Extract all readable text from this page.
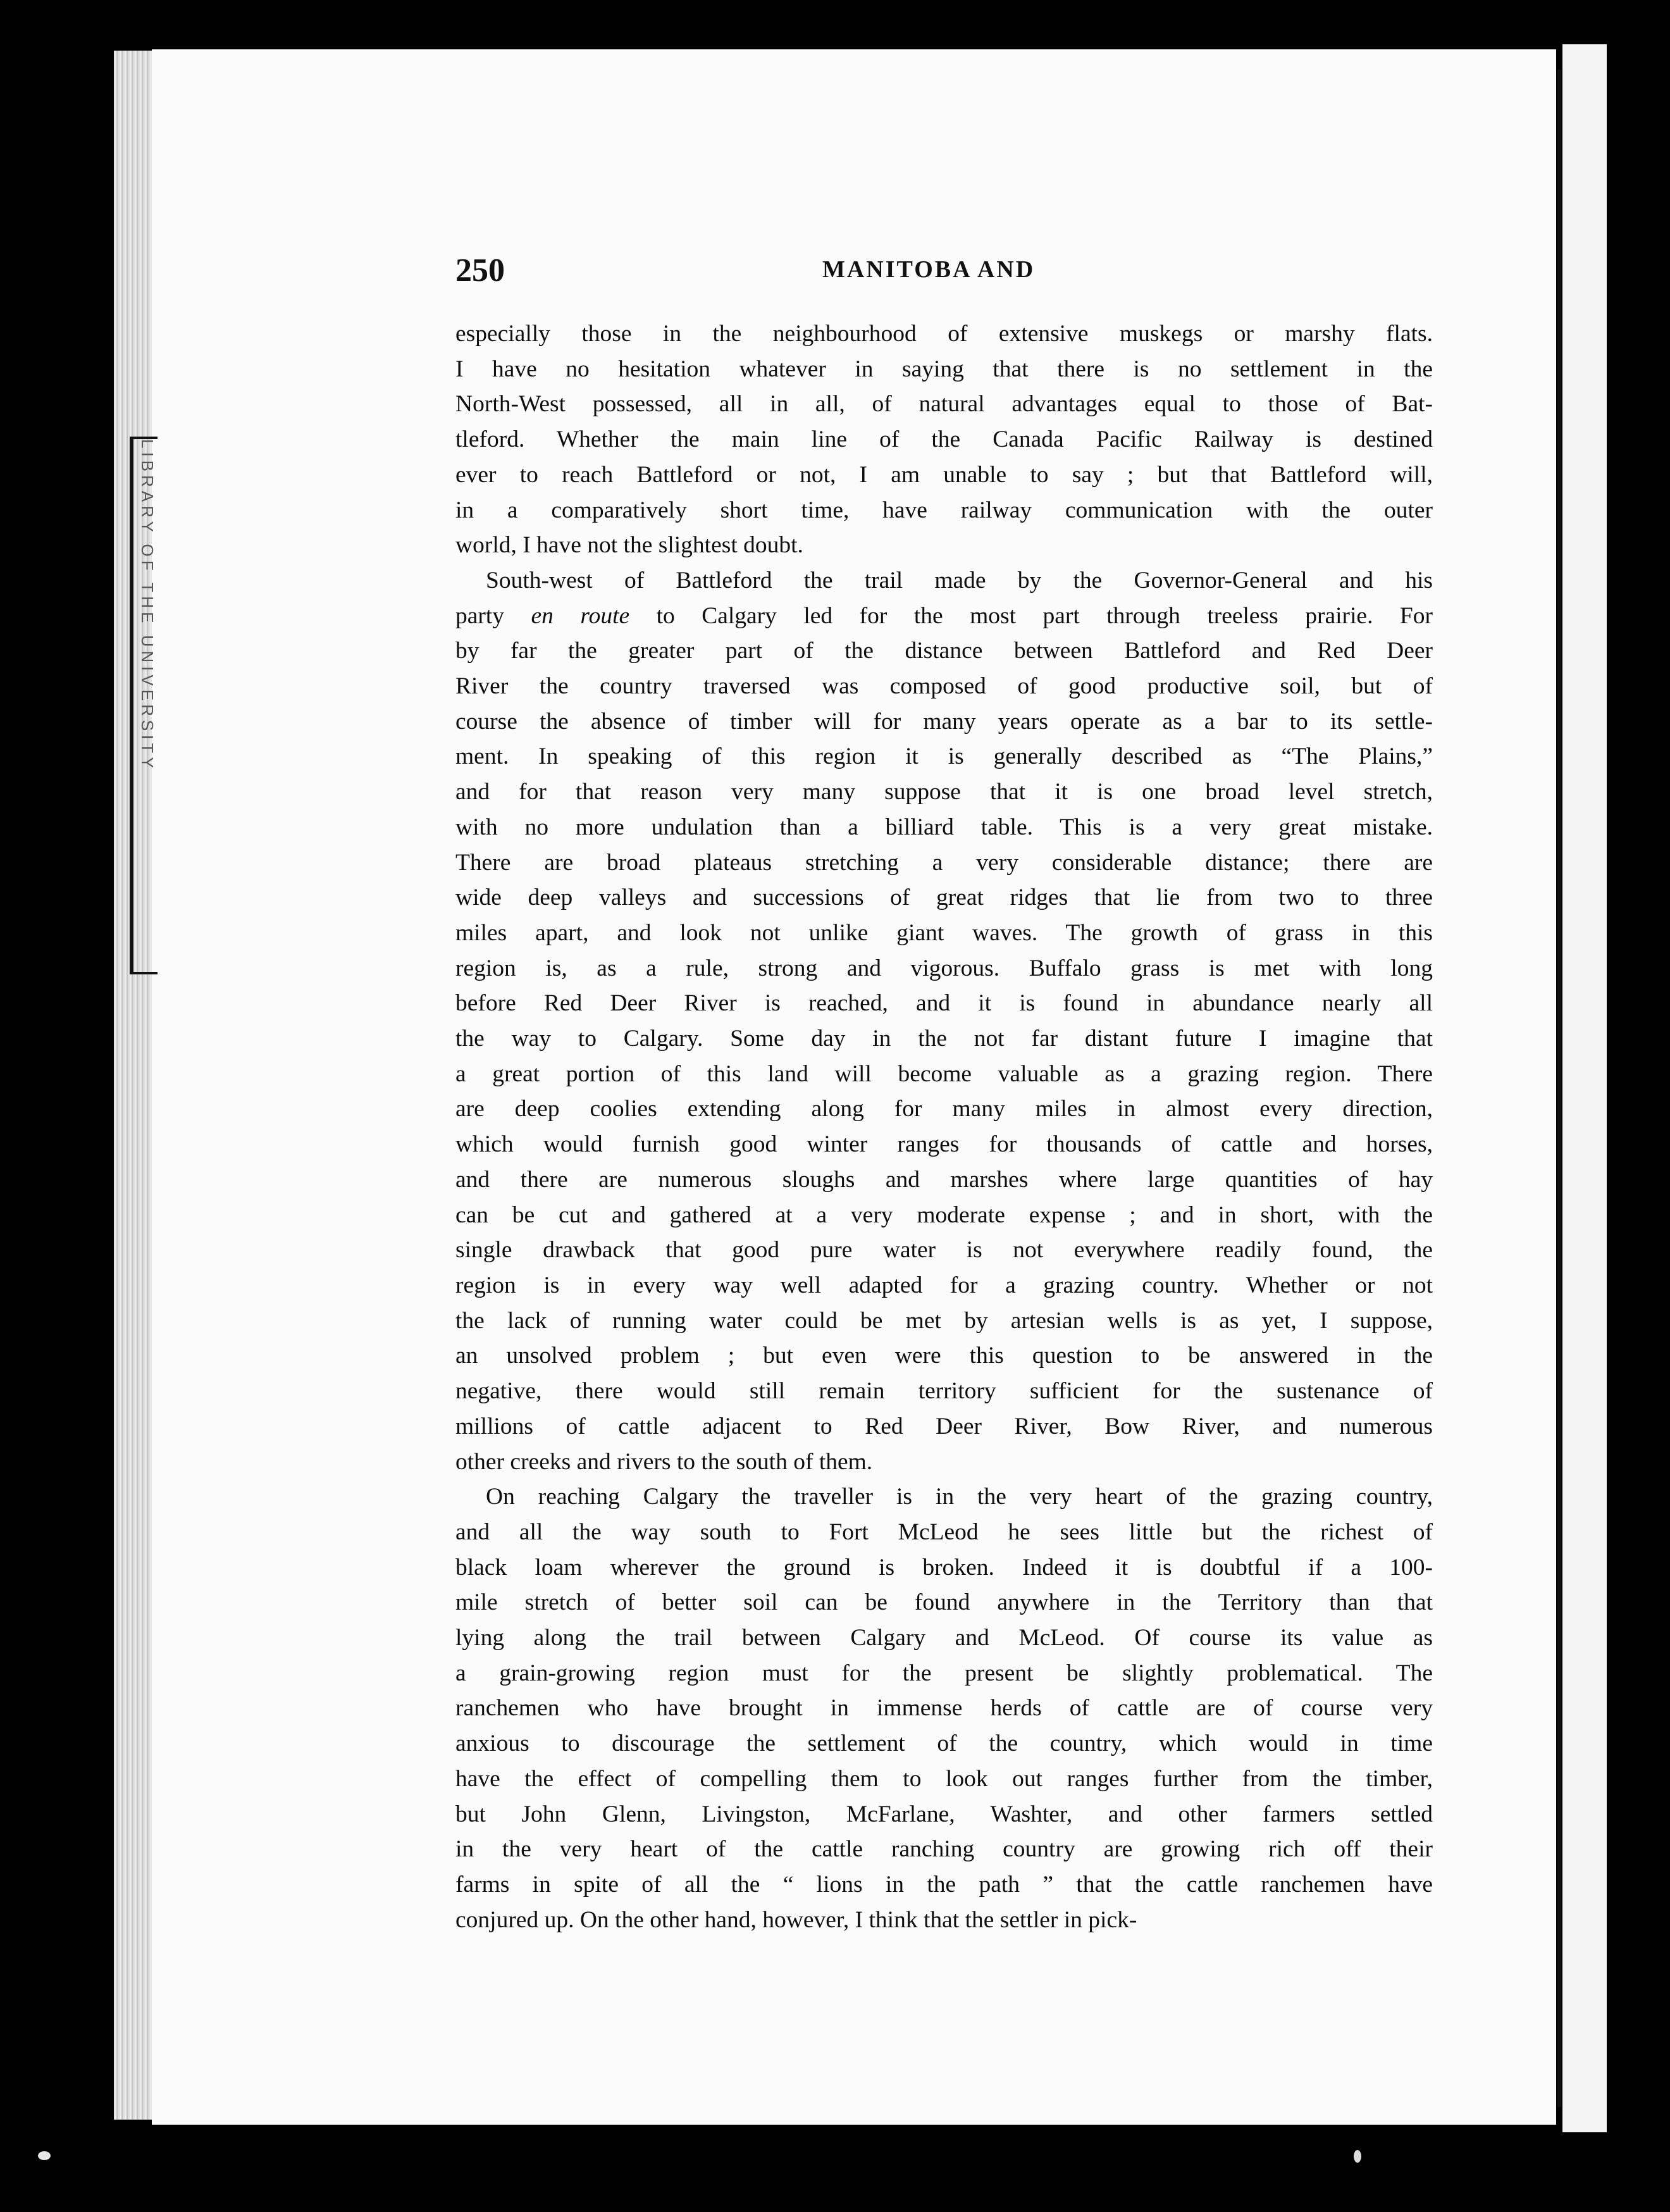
LIBRARY OF THE UNIVERSITY
250	MANITOBA AND

especially those in the neighbourhood of extensive muskegs or marshy flats.
I have no hesitation whatever in saying that there is no settlement in the
North-West possessed, all in all, of natural advantages equal to those of Bat-
tleford. Whether the main line of the Canada Pacific Railway is destined
ever to reach Battleford or not, I am unable to say ; but that Battleford will,
in a comparatively short time, have railway communication with the outer
world, I have not the slightest doubt.

South-west of Battleford the trail made by the Governor-General and his
party en route to Calgary led for the most part through treeless prairie. For
by far the greater part of the distance between Battleford and Red Deer
River the country traversed was composed of good productive soil, but of
course the absence of timber will for many years operate as a bar to its settle-
ment. In speaking of this region it is generally described as “The Plains,”
and for that reason very many suppose that it is one broad level stretch,
with no more undulation than a billiard table. This is a very great mistake.
There are broad plateaus stretching a very considerable distance; there are
wide deep valleys and successions of great ridges that lie from two to three
miles apart, and look not unlike giant waves. The growth of grass in this
region is, as a rule, strong and vigorous. Buffalo grass is met with long
before Red Deer River is reached, and it is found in abundance nearly all
the way to Calgary. Some day in the not far distant future I imagine that
a great portion of this land will become valuable as a grazing region. There
are deep coolies extending along for many miles in almost every direction,
which would furnish good winter ranges for thousands of cattle and horses,
and there are numerous sloughs and marshes where large quantities of hay
can be cut and gathered at a very moderate expense ; and in short, with the
single drawback that good pure water is not everywhere readily found, the
region is in every way well adapted for a grazing country. Whether or not
the lack of running water could be met by artesian wells is as yet, I suppose,
an unsolved problem ; but even were this question to be answered in the
negative, there would still remain territory sufficient for the sustenance of
millions of cattle adjacent to Red Deer River, Bow River, and numerous
other creeks and rivers to the south of them.

On reaching Calgary the traveller is in the very heart of the grazing country,
and all the way south to Fort McLeod he sees little but the richest of
black loam wherever the ground is broken. Indeed it is doubtful if a 100-
mile stretch of better soil can be found anywhere in the Territory than that
lying along the trail between Calgary and McLeod. Of course its value as
a grain-growing region must for the present be slightly problematical. The
ranchemen who have brought in immense herds of cattle are of course very
anxious to discourage the settlement of the country, which would in time
have the effect of compelling them to look out ranges further from the timber,
but John Glenn, Livingston, McFarlane, Washter, and other farmers settled
in the very heart of the cattle ranching country are growing rich off their
farms in spite of all the “ lions in the path ” that the cattle ranchemen have
conjured up. On the other hand, however, I think that the settler in pick-
